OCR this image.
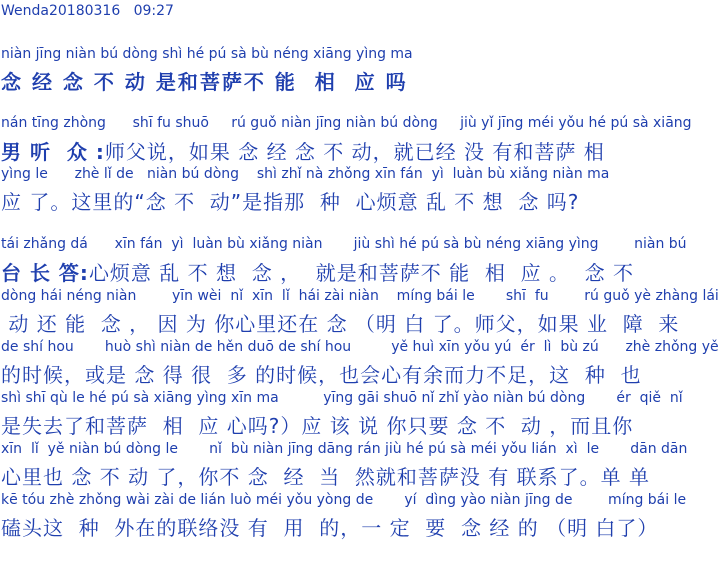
Wenda20180316 09:27
niàn jīng niàn bú dòng shì hé pú sà bù néng xiāng yìng ma
念 经 念 不 动 是和菩萨不 能  相  应 吗
nán tīng zhòng      shī fu shuō     rú guǒ niàn jīng niàn bú dòng     jiù yǐ jīng méi yǒu hé pú sà xiāng
男 听  众 :师父说，如果 念 经 念 不 动，就已经 没 有和菩萨 相
yìng le      zhè lǐ de   niàn bú dòng    shì zhǐ nà zhǒng xīn fán  yì  luàn bù xiǎng niàn ma
应 了。这里的“念 不  动”是指那  种  心烦意 乱 不 想  念 吗?
tái zhǎng dá      xīn fán  yì  luàn bù xiǎng niàn       jiù shì hé pú sà bù néng xiāng yìng        niàn bú
台 长 答:心烦意 乱 不 想  念 ，  就是和菩萨不 能  相  应 。  念 不
dòng hái néng niàn        yīn wèi  nǐ  xīn  lǐ  hái zài niàn    míng bái le       shī  fu        rú guǒ yè zhàng lái
动 还 能  念 ， 因 为 你心里还在 念 （明 白 了。师父，如果 业  障  来
de shí hou       huò shì niàn de hěn duō de shí hou         yě huì xīn yǒu yú  ér  lì  bù zú      zhè zhǒng yě
的时候，或是 念 得 很  多 的时候，也会心有余而力不足，这  种  也
shì shī qù le hé pú sà xiāng yìng xīn ma          yīng gāi shuō nǐ zhǐ yào niàn bú dòng       ér  qiě  nǐ
是失去了和菩萨  相  应 心吗?）应 该 说 你只要 念 不  动 ，而且你
xīn  lǐ  yě niàn bú dòng le       nǐ  bù niàn jīng dāng rán jiù hé pú sà méi yǒu lián  xì  le       dān dān
心里也 念 不 动 了，你不 念  经  当  然就和菩萨没 有 联系了。单 单
kē tóu zhè zhǒng wài zài de lián luò méi yǒu yòng de       yí  dìng yào niàn jīng de        míng bái le
磕头这  种  外在的联络没 有  用  的，一 定  要  念 经 的 （明 白了）
